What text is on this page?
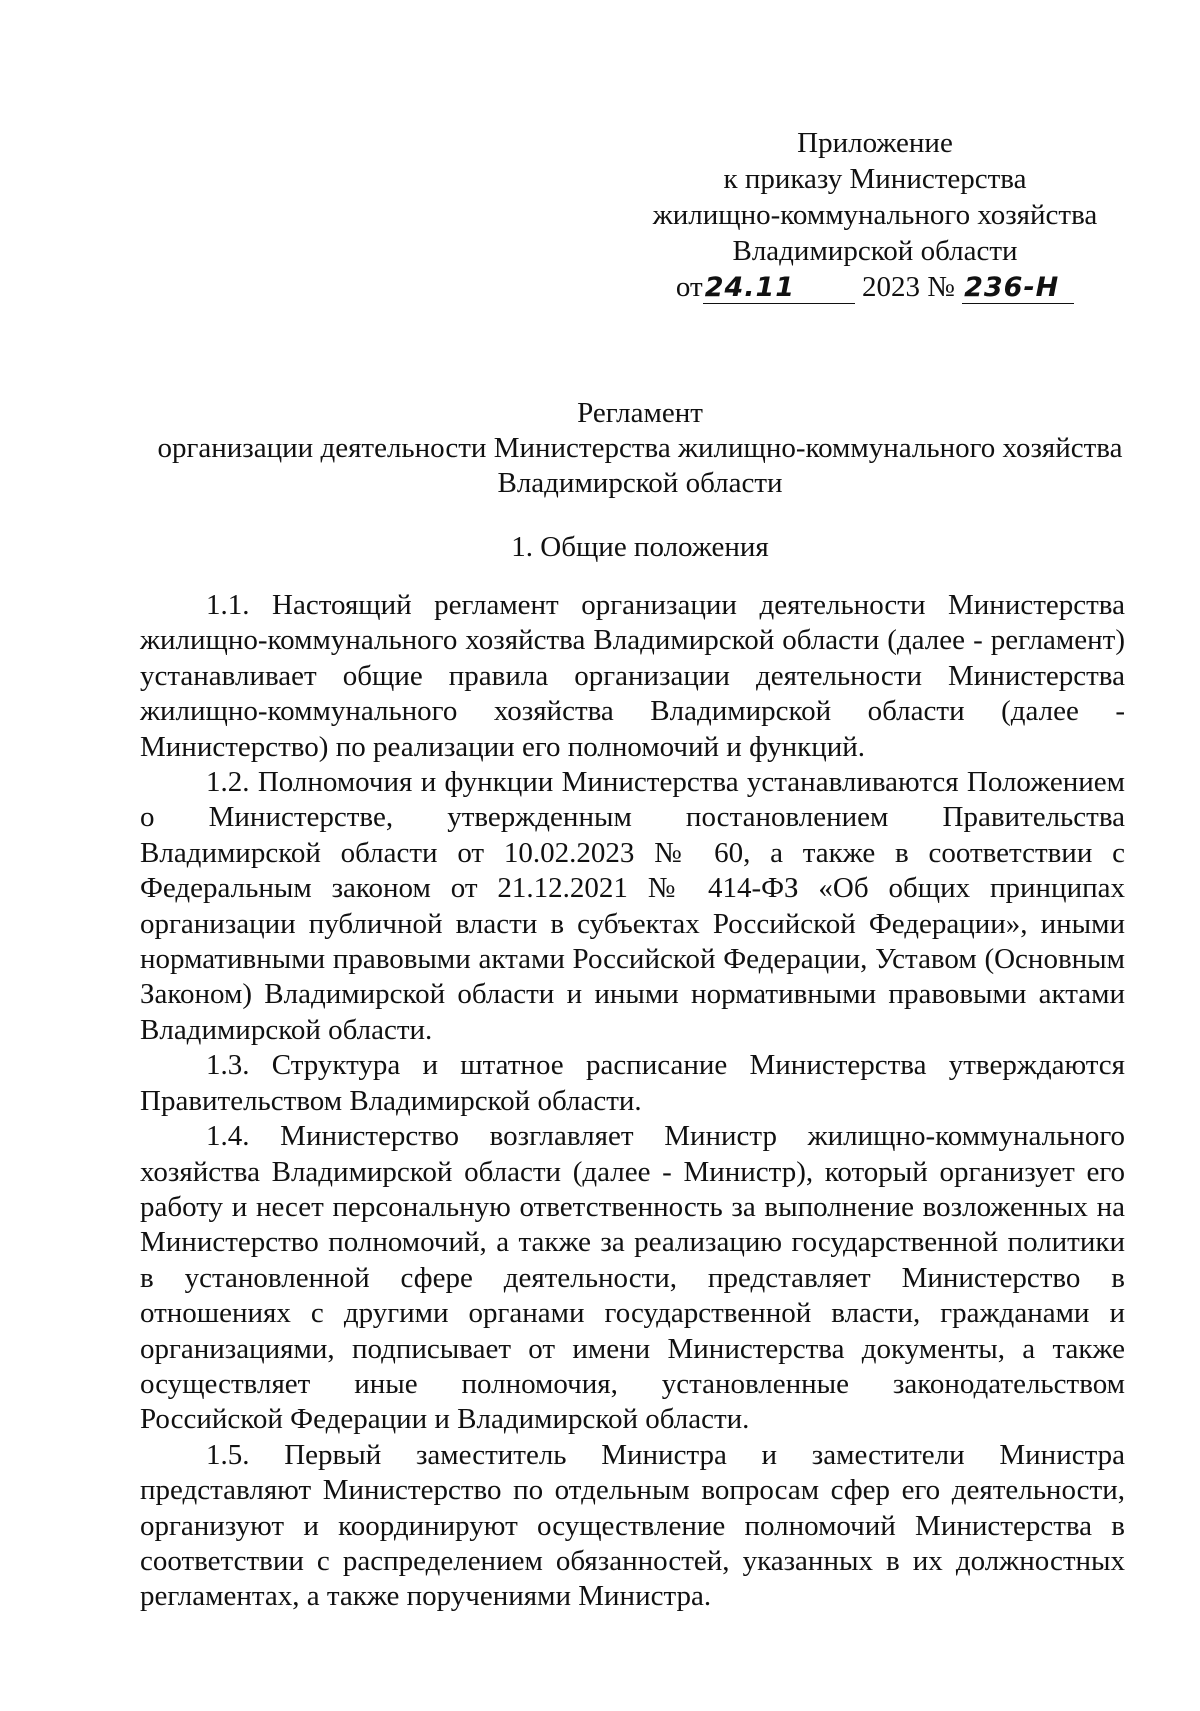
Приложение
к приказу Министерства
жилищно-коммунального хозяйства
Владимирской области
от24.11 2023 № 236-Н
Регламент
организации деятельности Министерства жилищно-коммунального хозяйства
Владимирской области
1. Общие положения

1.1. Настоящий регламент организации деятельности Министерства жилищно-коммунального хозяйства Владимирской области (далее - регламент) устанавливает общие правила организации деятельности Министерства жилищно-коммунального хозяйства Владимирской области (далее - Министерство) по реализации его полномочий и функций.

1.2. Полномочия и функции Министерства устанавливаются Положением о Министерстве, утвержденным постановлением Правительства Владимирской области от 10.02.2023 № 60, а также в соответствии с Федеральным законом от 21.12.2021 № 414-ФЗ «Об общих принципах организации публичной власти в субъектах Российской Федерации», иными нормативными правовыми актами Российской Федерации, Уставом (Основным Законом) Владимирской области и иными нормативными правовыми актами Владимирской области.

1.3. Структура и штатное расписание Министерства утверждаются Правительством Владимирской области.

1.4. Министерство возглавляет Министр жилищно-коммунального хозяйства Владимирской области (далее - Министр), который организует его работу и несет персональную ответственность за выполнение возложенных на Министерство полномочий, а также за реализацию государственной политики в установленной сфере деятельности, представляет Министерство в отношениях с другими органами государственной власти, гражданами и организациями, подписывает от имени Министерства документы, а также осуществляет иные полномочия, установленные законодательством Российской Федерации и Владимирской области.

1.5. Первый заместитель Министра и заместители Министра представляют Министерство по отдельным вопросам сфер его деятельности, организуют и координируют осуществление полномочий Министерства в соответствии с распределением обязанностей, указанных в их должностных регламентах, а также поручениями Министра.
